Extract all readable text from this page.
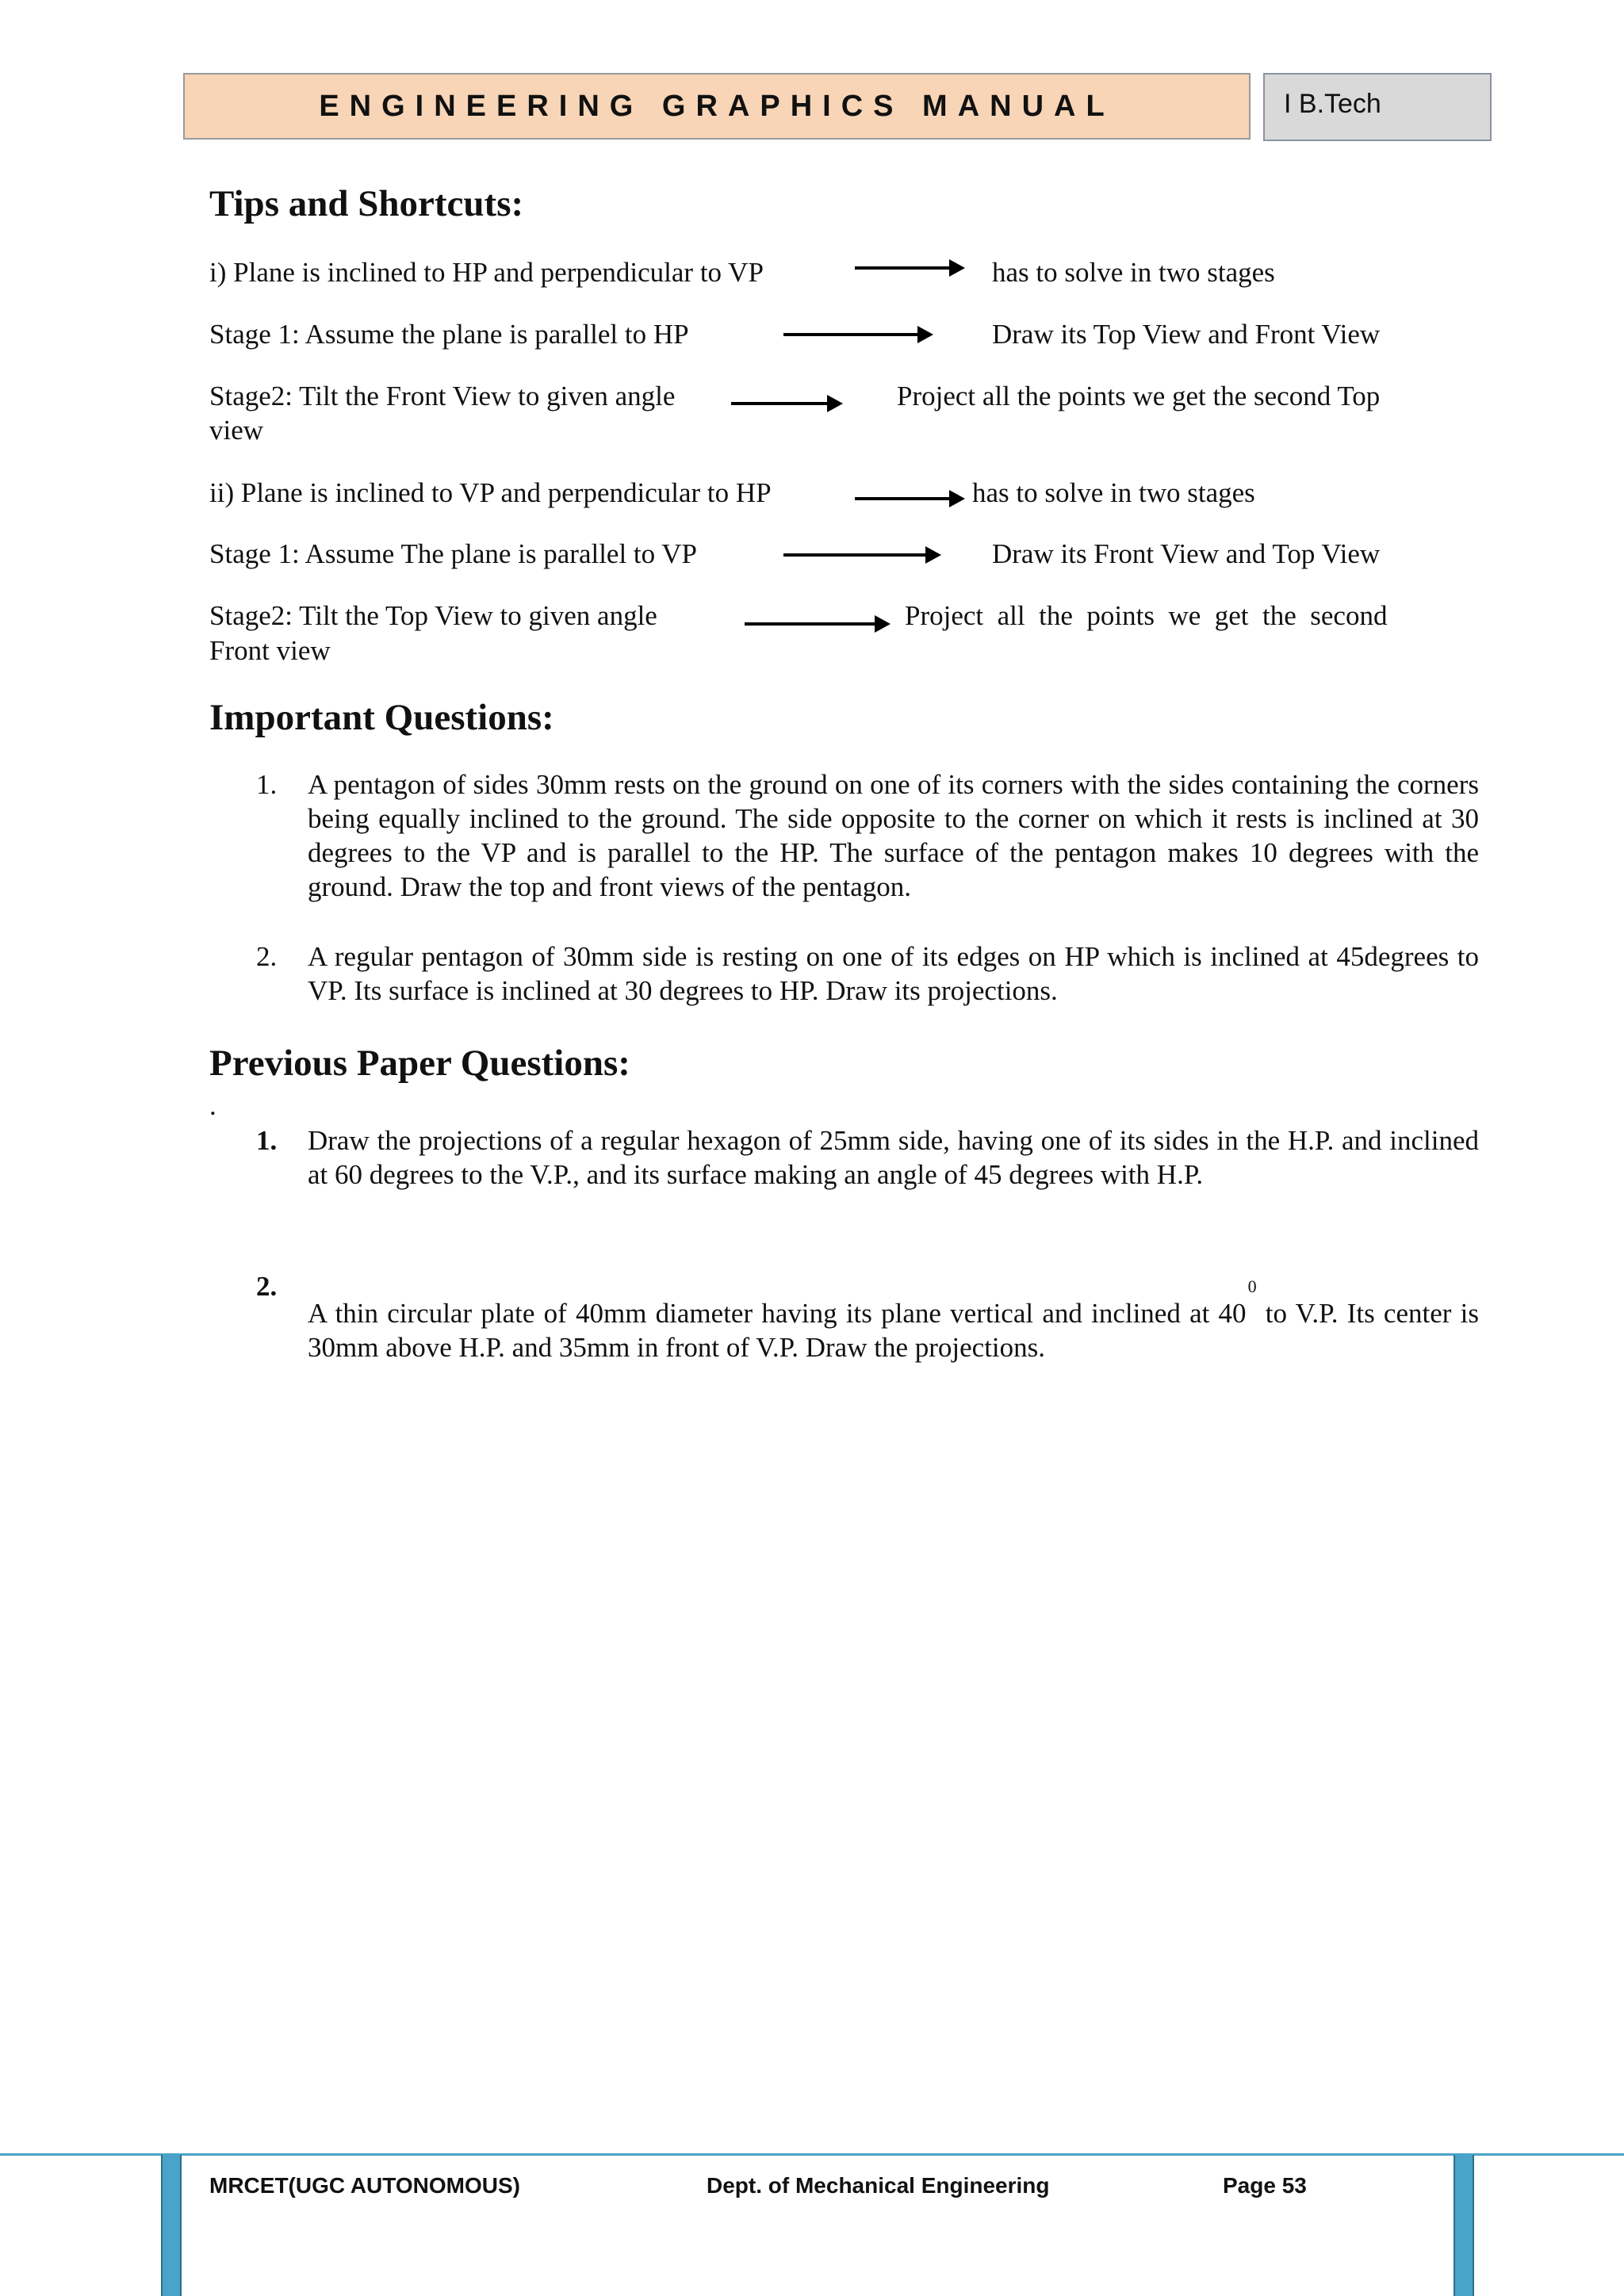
ENGINEERING GRAPHICS MANUAL	I B.Tech
Tips and Shortcuts:
i) Plane is inclined to HP and perpendicular to VP	has to solve in two stages
Stage 1: Assume the plane is parallel to HP	Draw its Top View and Front View
Stage2: Tilt the Front View to given angle	Project all the points we get the second Top
view
ii) Plane is inclined to VP and perpendicular to HP	has to solve in two stages
Stage 1: Assume The plane is parallel to VP	Draw its Front View and Top View
Stage2: Tilt the Top View to given angle	Project  all  the  points  we  get  the  second
Front view
Important Questions:
1. A pentagon of sides 30mm rests on the ground on one of its corners with the sides containing the corners being equally inclined to the ground. The side opposite to the corner on which it rests is inclined at 30 degrees to the VP and is parallel to the HP. The surface of the pentagon makes 10 degrees with the ground. Draw the top and front views of the pentagon.
2. A regular pentagon of 30mm side is resting on one of its edges on HP which is inclined at 45degrees to VP. Its surface is inclined at 30 degrees to HP. Draw its projections.
Previous Paper Questions:
.
1. Draw the projections of a regular hexagon of 25mm side, having one of its sides in the H.P. and inclined at 60 degrees to the V.P., and its surface making an angle of 45 degrees with H.P.
2.
A thin circular plate of 40mm diameter having its plane vertical and inclined at $40^0$ to V.P. Its center is 30mm above H.P. and 35mm in front of V.P. Draw the projections.
MRCET(UGC AUTONOMOUS)	Dept. of Mechanical Engineering	Page 53
